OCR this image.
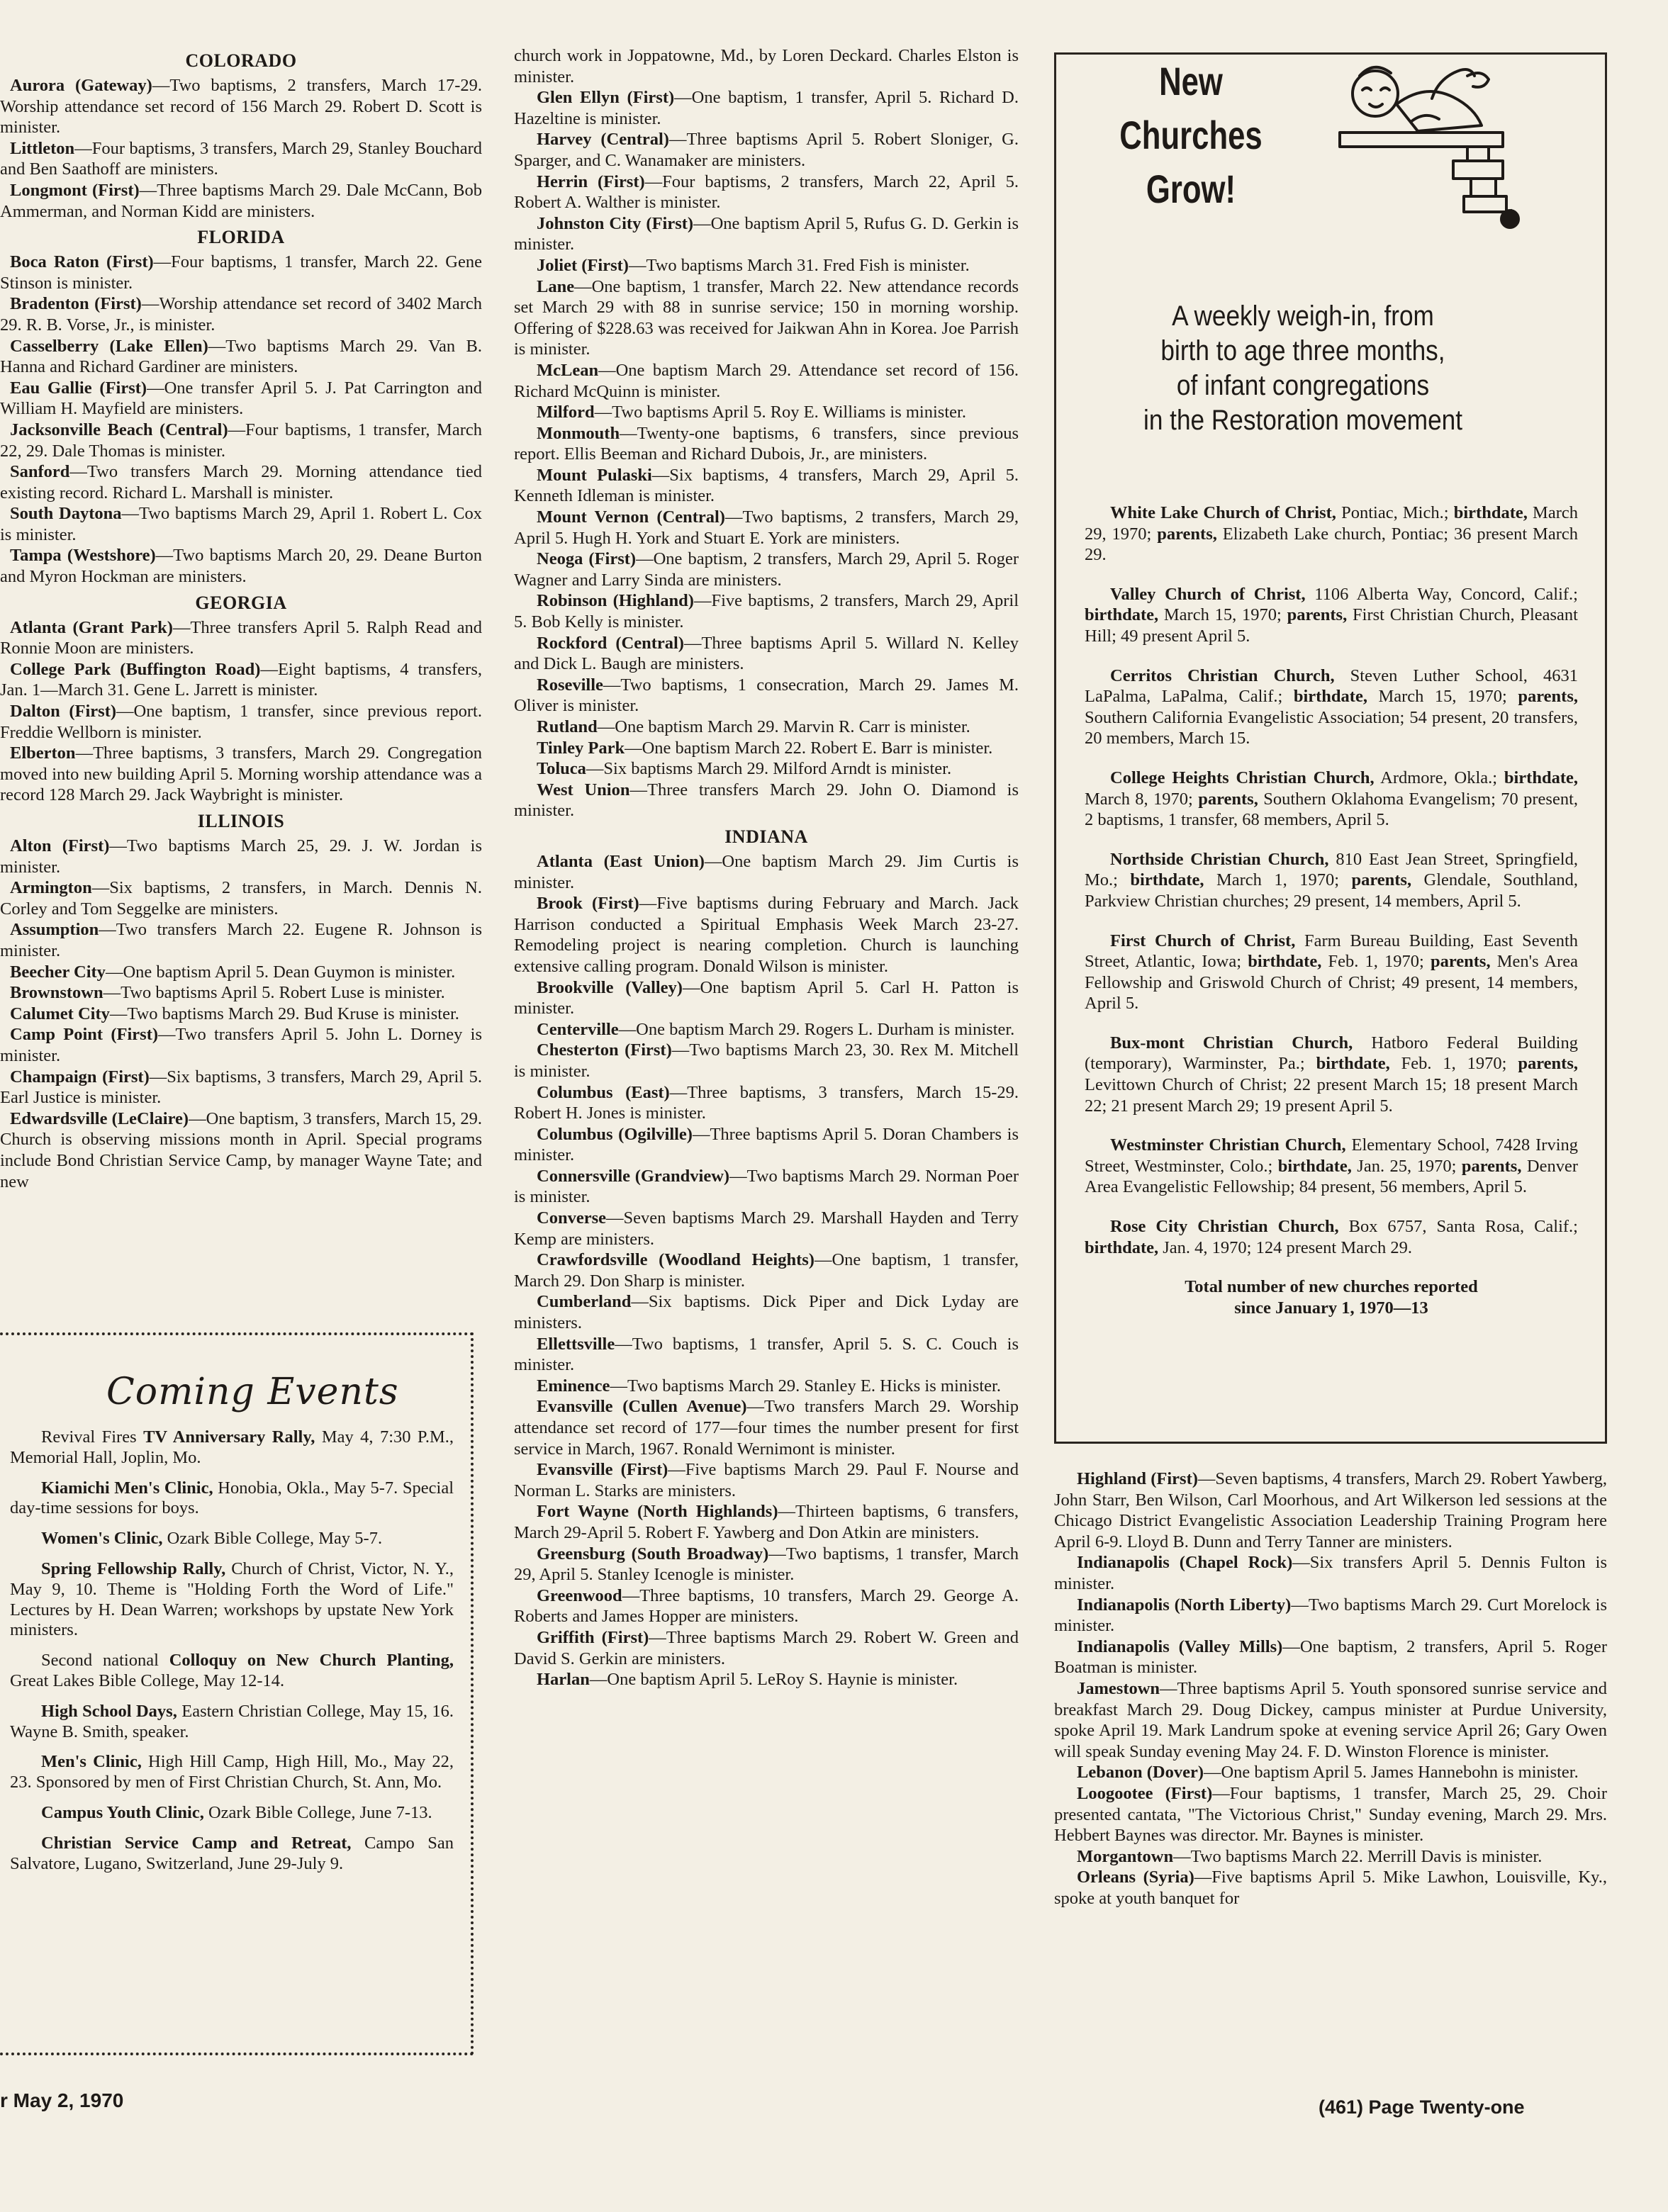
COLORADO

Aurora (Gateway)—Two baptisms, 2 transfers, March 17-29. Worship attendance set record of 156 March 29. Robert D. Scott is minister.

Littleton—Four baptisms, 3 transfers, March 29, Stanley Bouchard and Ben Saathoff are ministers.

Longmont (First)—Three baptisms March 29. Dale McCann, Bob Ammerman, and Norman Kidd are ministers.

FLORIDA

Boca Raton (First)—Four baptisms, 1 transfer, March 22. Gene Stinson is minister.

Bradenton (First)—Worship attendance set record of 3402 March 29. R. B. Vorse, Jr., is minister.

Casselberry (Lake Ellen)—Two baptisms March 29. Van B. Hanna and Richard Gardiner are ministers.

Eau Gallie (First)—One transfer April 5. J. Pat Carrington and William H. Mayfield are ministers.

Jacksonville Beach (Central)—Four baptisms, 1 transfer, March 22, 29. Dale Thomas is minister.

Sanford—Two transfers March 29. Morning attendance tied existing record. Richard L. Marshall is minister.

South Daytona—Two baptisms March 29, April 1. Robert L. Cox is minister.

Tampa (Westshore)—Two baptisms March 20, 29. Deane Burton and Myron Hockman are ministers.

GEORGIA

Atlanta (Grant Park)—Three transfers April 5. Ralph Read and Ronnie Moon are ministers.

College Park (Buffington Road)—Eight baptisms, 4 transfers, Jan. 1—March 31. Gene L. Jarrett is minister.

Dalton (First)—One baptism, 1 transfer, since previous report. Freddie Wellborn is minister.

Elberton—Three baptisms, 3 transfers, March 29. Congregation moved into new building April 5. Morning worship attendance was a record 128 March 29. Jack Waybright is minister.

ILLINOIS

Alton (First)—Two baptisms March 25, 29. J. W. Jordan is minister.

Armington—Six baptisms, 2 transfers, in March. Dennis N. Corley and Tom Seggelke are ministers.

Assumption—Two transfers March 22. Eugene R. Johnson is minister.

Beecher City—One baptism April 5. Dean Guymon is minister.

Brownstown—Two baptisms April 5. Robert Luse is minister.

Calumet City—Two baptisms March 29. Bud Kruse is minister.

Camp Point (First)—Two transfers April 5. John L. Dorney is minister.

Champaign (First)—Six baptisms, 3 transfers, March 29, April 5. Earl Justice is minister.

Edwardsville (LeClaire)—One baptism, 3 transfers, March 15, 29. Church is observing missions month in April. Special programs include Bond Christian Service Camp, by manager Wayne Tate; and new

Coming Events

Revival Fires TV Anniversary Rally, May 4, 7:30 P.M., Memorial Hall, Joplin, Mo.

Kiamichi Men's Clinic, Honobia, Okla., May 5-7. Special day-time sessions for boys.

Women's Clinic, Ozark Bible College, May 5-7.

Spring Fellowship Rally, Church of Christ, Victor, N. Y., May 9, 10. Theme is "Holding Forth the Word of Life." Lectures by H. Dean Warren; workshops by upstate New York ministers.

Second national Colloquy on New Church Planting, Great Lakes Bible College, May 12-14.

High School Days, Eastern Christian College, May 15, 16. Wayne B. Smith, speaker.

Men's Clinic, High Hill Camp, High Hill, Mo., May 22, 23. Sponsored by men of First Christian Church, St. Ann, Mo.

Campus Youth Clinic, Ozark Bible College, June 7-13.

Christian Service Camp and Retreat, Campo San Salvatore, Lugano, Switzerland, June 29-July 9.

church work in Joppatowne, Md., by Loren Deckard. Charles Elston is minister.

Glen Ellyn (First)—One baptism, 1 transfer, April 5. Richard D. Hazeltine is minister.

Harvey (Central)—Three baptisms April 5. Robert Sloniger, G. Sparger, and C. Wanamaker are ministers.

Herrin (First)—Four baptisms, 2 transfers, March 22, April 5. Robert A. Walther is minister.

Johnston City (First)—One baptism April 5, Rufus G. D. Gerkin is minister.

Joliet (First)—Two baptisms March 31. Fred Fish is minister.

Lane—One baptism, 1 transfer, March 22. New attendance records set March 29 with 88 in sunrise service; 150 in morning worship. Offering of $228.63 was received for Jaikwan Ahn in Korea. Joe Parrish is minister.

McLean—One baptism March 29. Attendance set record of 156. Richard McQuinn is minister.

Milford—Two baptisms April 5. Roy E. Williams is minister.

Monmouth—Twenty-one baptisms, 6 transfers, since previous report. Ellis Beeman and Richard Dubois, Jr., are ministers.

Mount Pulaski—Six baptisms, 4 transfers, March 29, April 5. Kenneth Idleman is minister.

Mount Vernon (Central)—Two baptisms, 2 transfers, March 29, April 5. Hugh H. York and Stuart E. York are ministers.

Neoga (First)—One baptism, 2 transfers, March 29, April 5. Roger Wagner and Larry Sinda are ministers.

Robinson (Highland)—Five baptisms, 2 transfers, March 29, April 5. Bob Kelly is minister.

Rockford (Central)—Three baptisms April 5. Willard N. Kelley and Dick L. Baugh are ministers.

Roseville—Two baptisms, 1 consecration, March 29. James M. Oliver is minister.

Rutland—One baptism March 29. Marvin R. Carr is minister.

Tinley Park—One baptism March 22. Robert E. Barr is minister.

Toluca—Six baptisms March 29. Milford Arndt is minister.

West Union—Three transfers March 29. John O. Diamond is minister.

INDIANA

Atlanta (East Union)—One baptism March 29. Jim Curtis is minister.

Brook (First)—Five baptisms during February and March. Jack Harrison conducted a Spiritual Emphasis Week March 23-27. Remodeling project is nearing completion. Church is launching extensive calling program. Donald Wilson is minister.

Brookville (Valley)—One baptism April 5. Carl H. Patton is minister.

Centerville—One baptism March 29. Rogers L. Durham is minister.

Chesterton (First)—Two baptisms March 23, 30. Rex M. Mitchell is minister.

Columbus (East)—Three baptisms, 3 transfers, March 15-29. Robert H. Jones is minister.

Columbus (Ogilville)—Three baptisms April 5. Doran Chambers is minister.

Connersville (Grandview)—Two baptisms March 29. Norman Poer is minister.

Converse—Seven baptisms March 29. Marshall Hayden and Terry Kemp are ministers.

Crawfordsville (Woodland Heights)—One baptism, 1 transfer, March 29. Don Sharp is minister.

Cumberland—Six baptisms. Dick Piper and Dick Lyday are ministers.

Ellettsville—Two baptisms, 1 transfer, April 5. S. C. Couch is minister.

Eminence—Two baptisms March 29. Stanley E. Hicks is minister.

Evansville (Cullen Avenue)—Two transfers March 29. Worship attendance set record of 177—four times the number present for first service in March, 1967. Ronald Wernimont is minister.

Evansville (First)—Five baptisms March 29. Paul F. Nourse and Norman L. Starks are ministers.

Fort Wayne (North Highlands)—Thirteen baptisms, 6 transfers, March 29-April 5. Robert F. Yawberg and Don Atkin are ministers.

Greensburg (South Broadway)—Two baptisms, 1 transfer, March 29, April 5. Stanley Icenogle is minister.

Greenwood—Three baptisms, 10 transfers, March 29. George A. Roberts and James Hopper are ministers.

Griffith (First)—Three baptisms March 29. Robert W. Green and David S. Gerkin are ministers.

Harlan—One baptism April 5. LeRoy S. Haynie is minister.

New
Churches
Grow!
A weekly weigh-in, from
birth to age three months,
of infant congregations
in the Restoration movement

White Lake Church of Christ, Pontiac, Mich.; birthdate, March 29, 1970; parents, Elizabeth Lake church, Pontiac; 36 present March 29.

Valley Church of Christ, 1106 Alberta Way, Concord, Calif.; birthdate, March 15, 1970; parents, First Christian Church, Pleasant Hill; 49 present April 5.

Cerritos Christian Church, Steven Luther School, 4631 LaPalma, LaPalma, Calif.; birthdate, March 15, 1970; parents, Southern California Evangelistic Association; 54 present, 20 transfers, 20 members, March 15.

College Heights Christian Church, Ardmore, Okla.; birthdate, March 8, 1970; parents, Southern Oklahoma Evangelism; 70 present, 2 baptisms, 1 transfer, 68 members, April 5.

Northside Christian Church, 810 East Jean Street, Springfield, Mo.; birthdate, March 1, 1970; parents, Glendale, Southland, Parkview Christian churches; 29 present, 14 members, April 5.

First Church of Christ, Farm Bureau Building, East Seventh Street, Atlantic, Iowa; birthdate, Feb. 1, 1970; parents, Men's Area Fellowship and Griswold Church of Christ; 49 present, 14 members, April 5.

Bux-mont Christian Church, Hatboro Federal Building (temporary), Warminster, Pa.; birthdate, Feb. 1, 1970; parents, Levittown Church of Christ; 22 present March 15; 18 present March 22; 21 present March 29; 19 present April 5.

Westminster Christian Church, Elementary School, 7428 Irving Street, Westminster, Colo.; birthdate, Jan. 25, 1970; parents, Denver Area Evangelistic Fellowship; 84 present, 56 members, April 5.

Rose City Christian Church, Box 6757, Santa Rosa, Calif.; birthdate, Jan. 4, 1970; 124 present March 29.

Total number of new churches reported
since January 1, 1970—13

Highland (First)—Seven baptisms, 4 transfers, March 29. Robert Yawberg, John Starr, Ben Wilson, Carl Moorhous, and Art Wilkerson led sessions at the Chicago District Evangelistic Association Leadership Training Program here April 6-9. Lloyd B. Dunn and Terry Tanner are ministers.

Indianapolis (Chapel Rock)—Six transfers April 5. Dennis Fulton is minister.

Indianapolis (North Liberty)—Two baptisms March 29. Curt Morelock is minister.

Indianapolis (Valley Mills)—One baptism, 2 transfers, April 5. Roger Boatman is minister.

Jamestown—Three baptisms April 5. Youth sponsored sunrise service and breakfast March 29. Doug Dickey, campus minister at Purdue University, spoke April 19. Mark Landrum spoke at evening service April 26; Gary Owen will speak Sunday evening May 24. F. D. Winston Florence is minister.

Lebanon (Dover)—One baptism April 5. James Hannebohn is minister.

Loogootee (First)—Four baptisms, 1 transfer, March 25, 29. Choir presented cantata, "The Victorious Christ," Sunday evening, March 29. Mrs. Hebbert Baynes was director. Mr. Baynes is minister.

Morgantown—Two baptisms March 22. Merrill Davis is minister.

Orleans (Syria)—Five baptisms April 5. Mike Lawhon, Louisville, Ky., spoke at youth banquet for

r May 2, 1970	(461) Page Twenty-one
